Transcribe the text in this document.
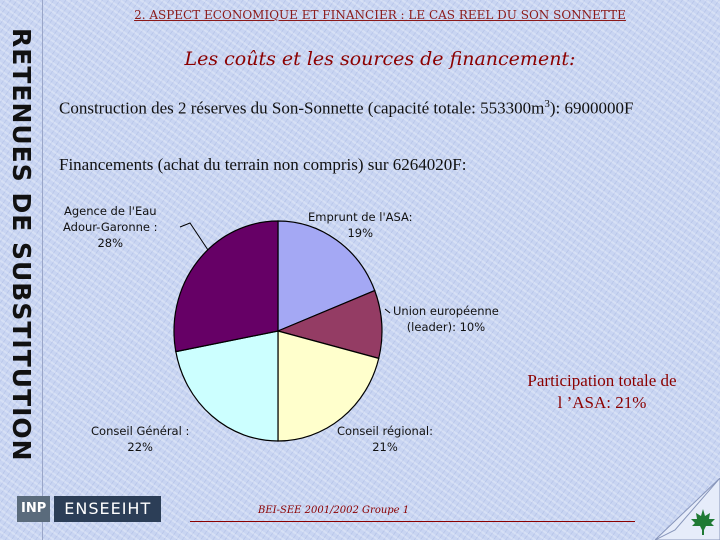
RETENUES DE SUBSTITUTION
2. ASPECT ECONOMIQUE ET FINANCIER : LE CAS REEL DU SON SONNETTE
Les coûts et les sources de financement:
Construction des 2 réserves du Son-Sonnette (capacité totale: $553300m^3$): 6900000F
Financements (achat du terrain non compris) sur 6264020F:
Emprunt de l'ASA:
19%
Union européenne
(leader): 10%
Conseil régional:
21%
Conseil Général :
22%
Agence de l'Eau
Adour-Garonne :
28%
Participation totale de
l ’ASA: 21%
INP	ENSEEIHT	BEI-SEE 2001/2002 Groupe 1
